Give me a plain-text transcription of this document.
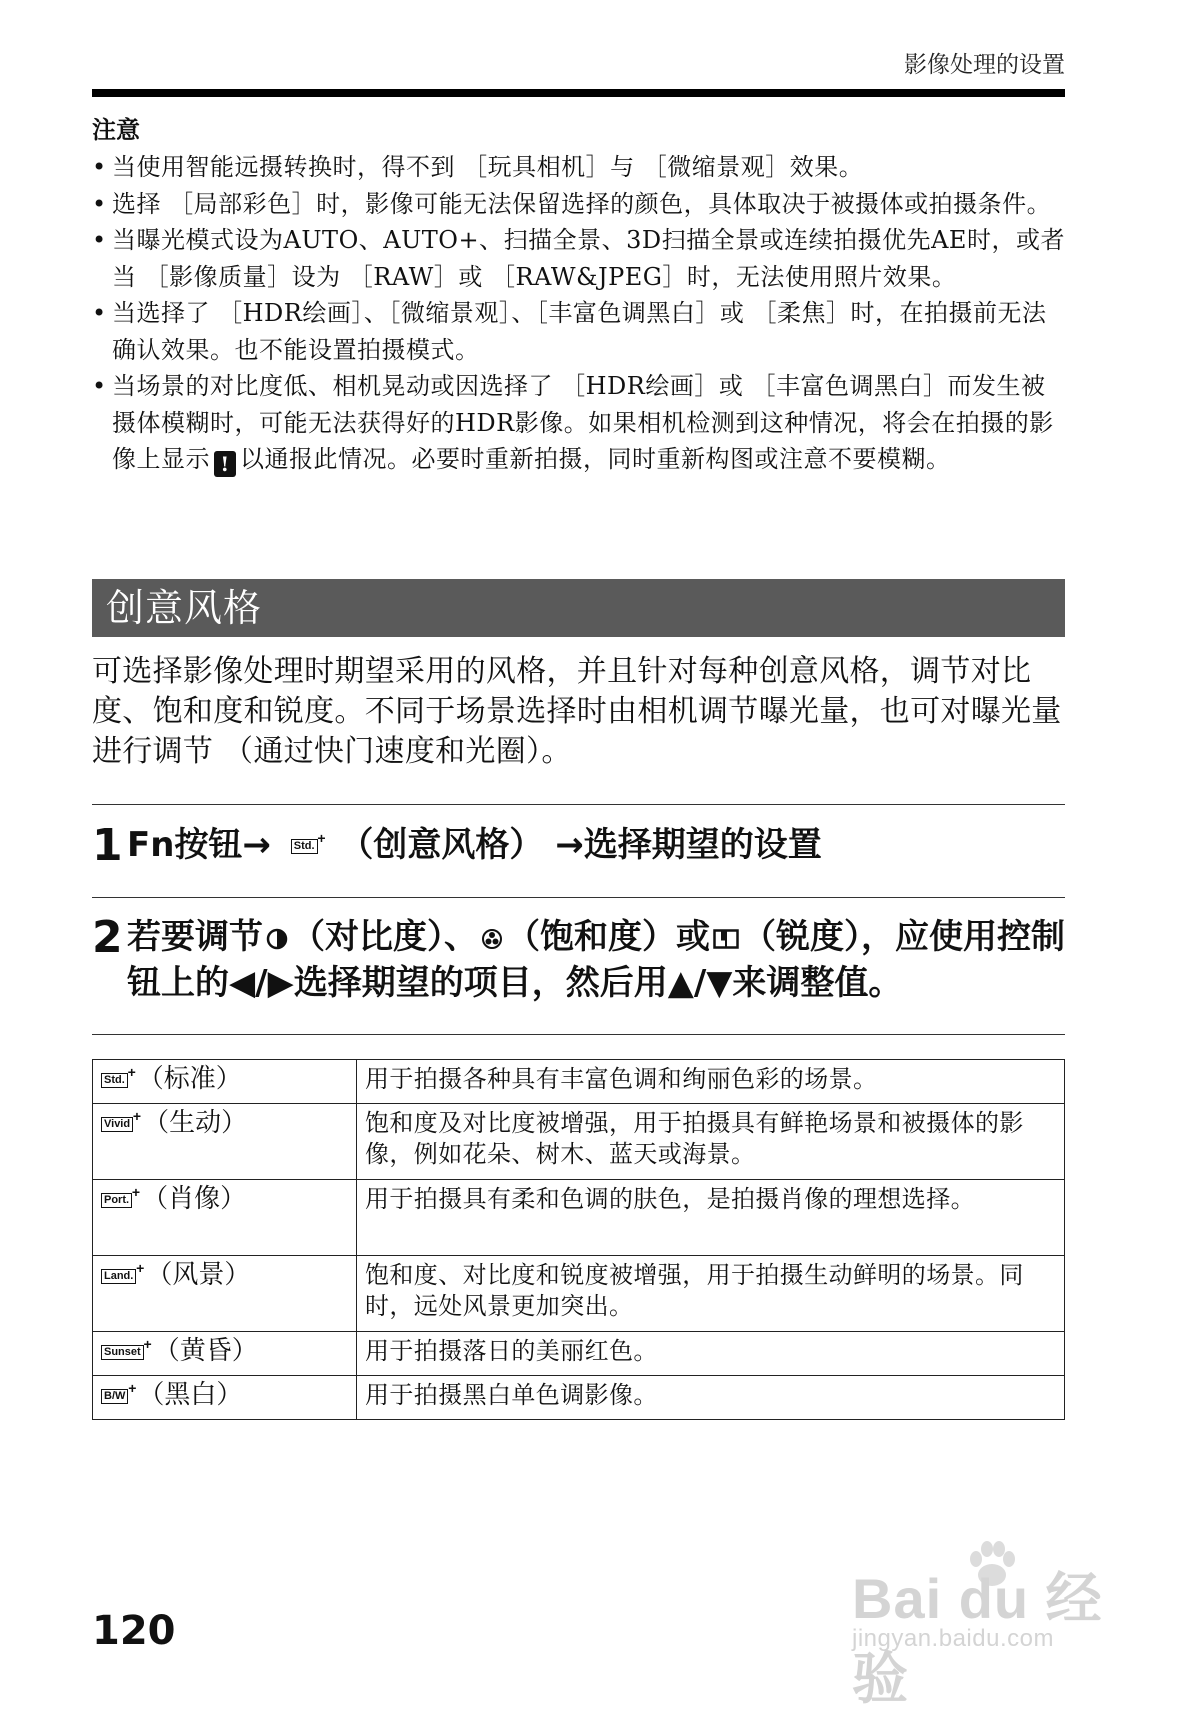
影像处理的设置
注意
• 当使用智能远摄转换时，得不到 ［玩具相机］与 ［微缩景观］效果。
• 选择 ［局部彩色］时，影像可能无法保留选择的颜色，具体取决于被摄体或拍摄条件。
• 当曝光模式设为AUTO、AUTO+、扫描全景、3D扫描全景或连续拍摄优先AE时，或者当 ［影像质量］设为 ［RAW］或 ［RAW&JPEG］时，无法使用照片效果。
• 当选择了 ［HDR绘画］、［微缩景观］、［丰富色调黑白］或 ［柔焦］时，在拍摄前无法确认效果。也不能设置拍摄模式。
• 当场景的对比度低、相机晃动或因选择了 ［HDR绘画］或 ［丰富色调黑白］而发生被摄体模糊时，可能无法获得好的HDR影像。如果相机检测到这种情况，将会在拍摄的影像上显示 ! 以通报此情况。必要时重新拍摄，同时重新构图或注意不要模糊。
创意风格
可选择影像处理时期望采用的风格，并且针对每种创意风格，调节对比度、饱和度和锐度。不同于场景选择时由相机调节曝光量，也可对曝光量进行调节 （通过快门速度和光圈）。
1 Fn按钮→ Std. + （创意风格） →选择期望的设置
2 若要调节 （对比度）、 （饱和度）或 （锐度），应使用控制钮上的◀/▶选择期望的项目，然后用▲/▼来调整值。
Std. + （标准）	用于拍摄各种具有丰富色调和绚丽色彩的场景。
Vivid + （生动）	饱和度及对比度被增强，用于拍摄具有鲜艳场景和被摄体的影像，例如花朵、树木、蓝天或海景。
Port. + （肖像）	用于拍摄具有柔和色调的肤色，是拍摄肖像的理想选择。
Land. + （风景）	饱和度、对比度和锐度被增强，用于拍摄生动鲜明的场景。同时，远处风景更加突出。
Sunset + （黄昏）	用于拍摄落日的美丽红色。
B/W + （黑白）	用于拍摄黑白单色调影像。
120
Bai du 经验
jingyan.baidu.com
